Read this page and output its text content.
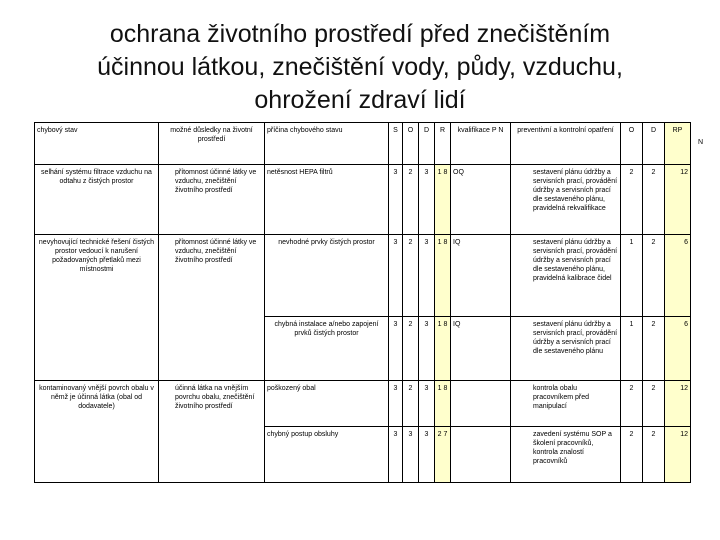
ochrana životního prostředí před znečištěním
účinnou látkou, znečištění vody, půdy, vzduchu,
ohrožení zdraví lidí
chybový stav	možné důsledky na životní prostředí	příčina chybového stavu	S	O	D	R	kvalifikace P N	preventivní a kontrolní opatření	O	D	RP
selhání systému filtrace vzduchu na odtahu z čistých prostor	přítomnost účinné látky ve vzduchu, znečištění životního prostředí	netěsnost HEPA filtrů	3	2	3	1 8	OQ	sestavení plánu údržby a servisních prací, provádění údržby a servisních prací dle sestaveného plánu, pravidelná rekvalifikace	2	2	12
nevyhovující technické řešení čistých prostor vedoucí k narušení požadovaných přetlaků mezi místnostmi	přítomnost účinné látky ve vzduchu, znečištění životního prostředí	nevhodné prvky čistých prostor	3	2	3	1 8	IQ	sestavení plánu údržby a servisních prací, provádění údržby a servisních prací dle sestaveného plánu, pravidelná kalibrace čidel	1	2	6
		chybná instalace a/nebo zapojení prvků čistých prostor	3	2	3	1 8	IQ	sestavení plánu údržby a servisních prací, provádění údržby a servisních prací dle sestaveného plánu	1	2	6
kontaminovaný vnější povrch obalu v němž je účinná látka (obal od dodavatele)	účinná látka na vnějším povrchu obalu, znečištění životního prostředí	poškozený obal	3	2	3	1 8		kontrola obalu pracovníkem před manipulací	2	2	12
		chybný postup obsluhy	3	3	3	2 7		zavedení systému SOP a školení pracovníků, kontrola znalostí pracovníků	2	2	12
N
